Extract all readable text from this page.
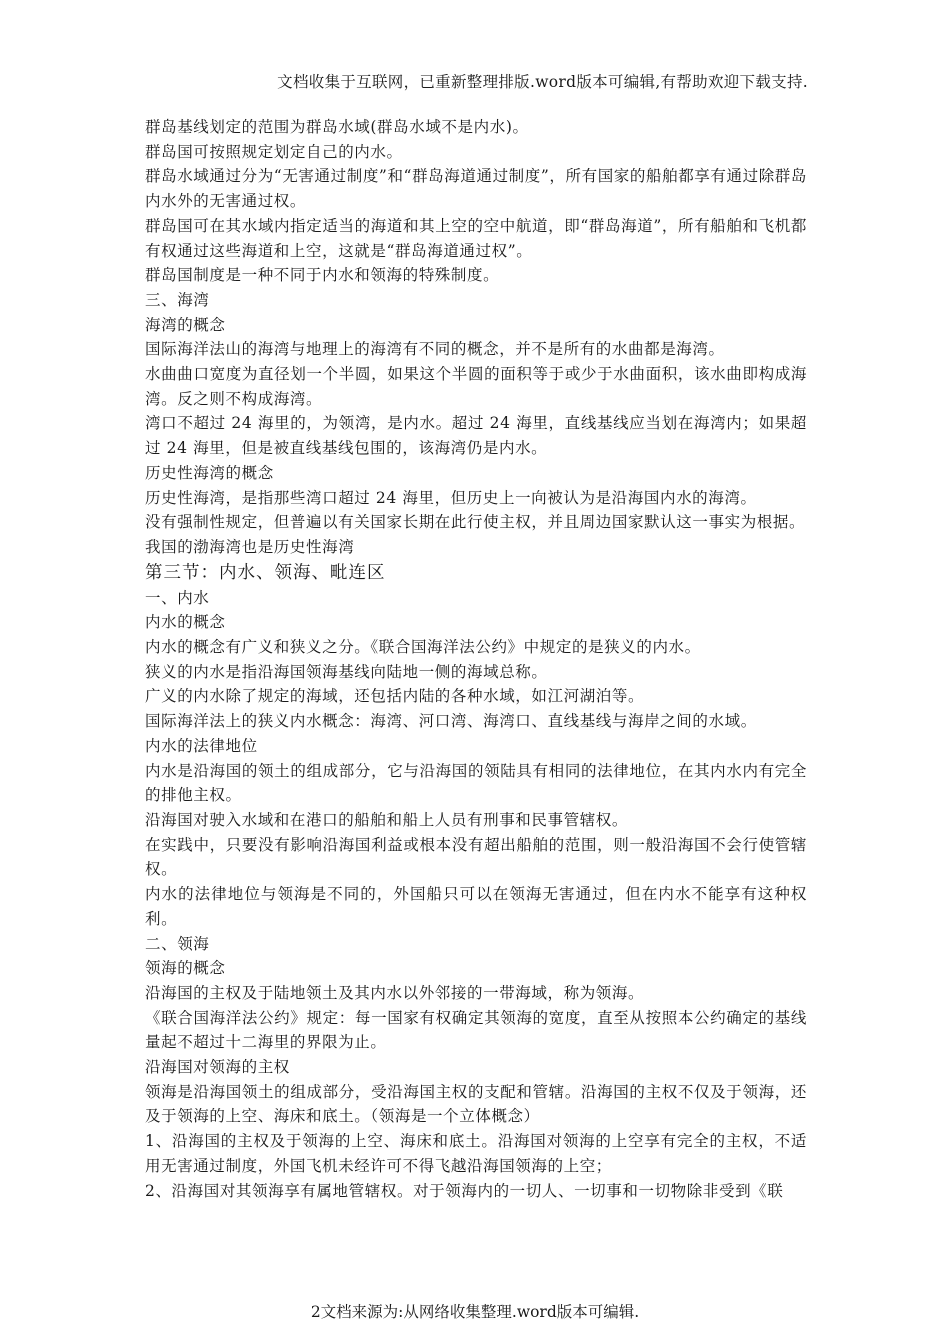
文档收集于互联网，已重新整理排版.word版本可编辑,有帮助欢迎下载支持.

群岛基线划定的范围为群岛水域(群岛水域不是内水)。

群岛国可按照规定划定自己的内水。

群岛水域通过分为“无害通过制度”和“群岛海道通过制度”，所有国家的船舶都享有通过除群岛内水外的无害通过权。

群岛国可在其水域内指定适当的海道和其上空的空中航道，即“群岛海道”，所有船舶和飞机都有权通过这些海道和上空，这就是“群岛海道通过权”。

群岛国制度是一种不同于内水和领海的特殊制度。

三、海湾

海湾的概念

国际海洋法山的海湾与地理上的海湾有不同的概念，并不是所有的水曲都是海湾。

水曲曲口宽度为直径划一个半圆，如果这个半圆的面积等于或少于水曲面积，该水曲即构成海湾。反之则不构成海湾。

湾口不超过 24 海里的，为领湾，是内水。超过 24 海里，直线基线应当划在海湾内；如果超过 24 海里，但是被直线基线包围的，该海湾仍是内水。

历史性海湾的概念

历史性海湾，是指那些湾口超过 24 海里，但历史上一向被认为是沿海国内水的海湾。

没有强制性规定，但普遍以有关国家长期在此行使主权，并且周边国家默认这一事实为根据。

我国的渤海湾也是历史性海湾

第三节：内水、领海、毗连区

一、内水

内水的概念

内水的概念有广义和狭义之分。《联合国海洋法公约》中规定的是狭义的内水。

狭义的内水是指沿海国领海基线向陆地一侧的海域总称。

广义的内水除了规定的海域，还包括内陆的各种水域，如江河湖泊等。

国际海洋法上的狭义内水概念：海湾、河口湾、海湾口、直线基线与海岸之间的水域。

内水的法律地位

内水是沿海国的领土的组成部分，它与沿海国的领陆具有相同的法律地位，在其内水内有完全的排他主权。

沿海国对驶入水域和在港口的船舶和船上人员有刑事和民事管辖权。

在实践中，只要没有影响沿海国利益或根本没有超出船舶的范围，则一般沿海国不会行使管辖权。

内水的法律地位与领海是不同的，外国船只可以在领海无害通过，但在内水不能享有这种权利。

二、领海

领海的概念

沿海国的主权及于陆地领土及其内水以外邻接的一带海域，称为领海。

《联合国海洋法公约》规定：每一国家有权确定其领海的宽度，直至从按照本公约确定的基线量起不超过十二海里的界限为止。

沿海国对领海的主权

领海是沿海国领土的组成部分，受沿海国主权的支配和管辖。沿海国的主权不仅及于领海，还及于领海的上空、海床和底土。（领海是一个立体概念）

1、沿海国的主权及于领海的上空、海床和底土。沿海国对领海的上空享有完全的主权，不适用无害通过制度，外国飞机未经许可不得飞越沿海国领海的上空；

2、沿海国对其领海享有属地管辖权。对于领海内的一切人、一切事和一切物除非受到《联

2文档来源为:从网络收集整理.word版本可编辑.
